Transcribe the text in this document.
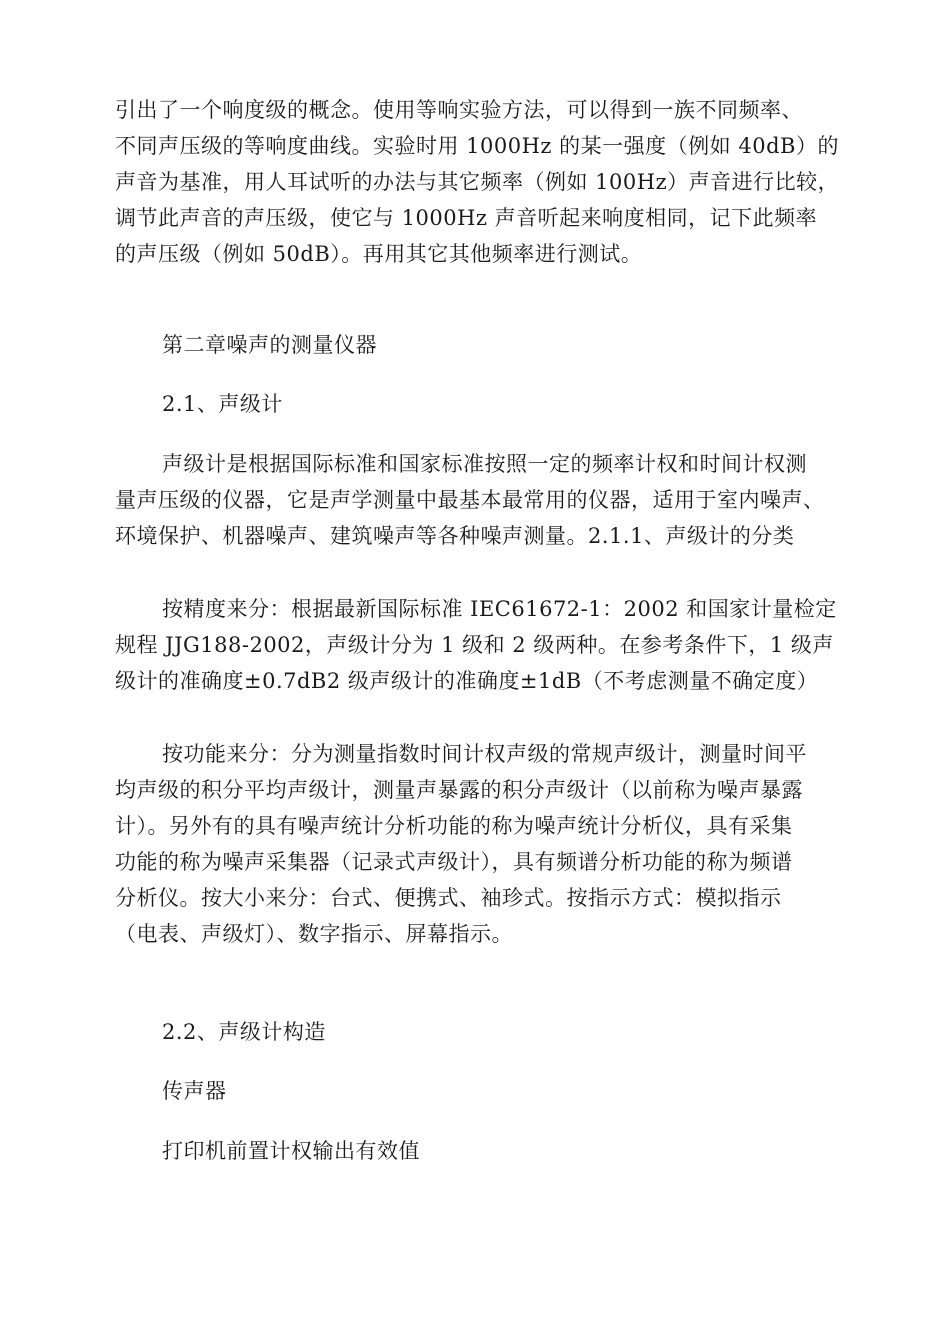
引出了一个响度级的概念。使用等响实验方法，可以得到一族不同频率、
不同声压级的等响度曲线。实验时用 1000Hz 的某一强度（例如 40dB）的
声音为基准，用人耳试听的办法与其它频率（例如 100Hz）声音进行比较，
调节此声音的声压级，使它与 1000Hz 声音听起来响度相同，记下此频率
的声压级（例如 50dB）。再用其它其他频率进行测试。
第二章噪声的测量仪器
2.1、声级计
声级计是根据国际标准和国家标准按照一定的频率计权和时间计权测
量声压级的仪器，它是声学测量中最基本最常用的仪器，适用于室内噪声、
环境保护、机器噪声、建筑噪声等各种噪声测量。2.1.1、声级计的分类
按精度来分：根据最新国际标准 IEC61672-1：2002 和国家计量检定
规程 JJG188-2002，声级计分为 1 级和 2 级两种。在参考条件下，1 级声
级计的准确度±0.7dB2 级声级计的准确度±1dB（不考虑测量不确定度）
按功能来分：分为测量指数时间计权声级的常规声级计，测量时间平
均声级的积分平均声级计，测量声暴露的积分声级计（以前称为噪声暴露
计）。另外有的具有噪声统计分析功能的称为噪声统计分析仪，具有采集
功能的称为噪声采集器（记录式声级计），具有频谱分析功能的称为频谱
分析仪。按大小来分：台式、便携式、袖珍式。按指示方式：模拟指示
（电表、声级灯）、数字指示、屏幕指示。
2.2、声级计构造
传声器
打印机前置计权输出有效值
